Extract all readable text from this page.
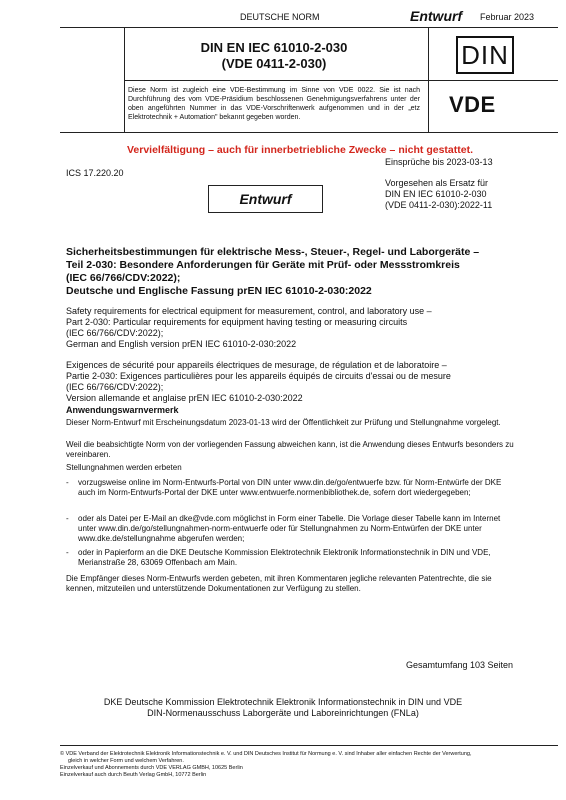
DEUTSCHE NORM	Entwurf Februar 2023
DIN EN IEC 61010-2-030
(VDE 0411-2-030)
Diese Norm ist zugleich eine VDE-Bestimmung im Sinne von VDE 0022. Sie ist nach Durchführung des vom VDE-Präsidium beschlossenen Genehmigungsverfahrens unter der oben angeführten Nummer in das VDE-Vorschriftenwerk aufgenommen und in der „etz Elektrotechnik + Automation" bekannt gegeben worden.
DIN
VDE
Vervielfältigung – auch für innerbetriebliche Zwecke – nicht gestattet.
ICS 17.220.20
Einsprüche bis 2023-03-13
Vorgesehen als Ersatz für
DIN EN IEC 61010-2-030
(VDE 0411-2-030):2022-11
Entwurf
Sicherheitsbestimmungen für elektrische Mess-, Steuer-, Regel- und Laborgeräte –
Teil 2-030: Besondere Anforderungen für Geräte mit Prüf- oder Messstromkreis
(IEC 66/766/CDV:2022);
Deutsche und Englische Fassung prEN IEC 61010-2-030:2022
Safety requirements for electrical equipment for measurement, control, and laboratory use –
Part 2-030: Particular requirements for equipment having testing or measuring circuits
(IEC 66/766/CDV:2022);
German and English version prEN IEC 61010-2-030:2022
Exigences de sécurité pour appareils électriques de mesurage, de régulation et de laboratoire –
Partie 2-030: Exigences particulières pour les appareils équipés de circuits d'essai ou de mesure
(IEC 66/766/CDV:2022);
Version allemande et anglaise prEN IEC 61010-2-030:2022
Anwendungswarnvermerk
Dieser Norm-Entwurf mit Erscheinungsdatum 2023-01-13 wird der Öffentlichkeit zur Prüfung und Stellungnahme vorgelegt.
Weil die beabsichtigte Norm von der vorliegenden Fassung abweichen kann, ist die Anwendung dieses Entwurfs besonders zu vereinbaren.
Stellungnahmen werden erbeten
-	vorzugsweise online im Norm-Entwurfs-Portal von DIN unter www.din.de/go/entwuerfe bzw. für Norm-Entwürfe der DKE auch im Norm-Entwurfs-Portal der DKE unter www.entwuerfe.normenbibliothek.de, sofern dort wiedergegeben;
-	oder als Datei per E-Mail an dke@vde.com möglichst in Form einer Tabelle. Die Vorlage dieser Tabelle kann im Internet unter www.din.de/go/stellungnahmen-norm-entwuerfe oder für Stellungnahmen zu Norm-Entwürfen der DKE unter www.dke.de/stellungnahme abgerufen werden;
-	oder in Papierform an die DKE Deutsche Kommission Elektrotechnik Elektronik Informationstechnik in DIN und VDE, Merianstraße 28, 63069 Offenbach am Main.
Die Empfänger dieses Norm-Entwurfs werden gebeten, mit ihren Kommentaren jegliche relevanten Patentrechte, die sie kennen, mitzuteilen und unterstützende Dokumentationen zur Verfügung zu stellen.
Gesamtumfang 103 Seiten
DKE Deutsche Kommission Elektrotechnik Elektronik Informationstechnik in DIN und VDE
DIN-Normenausschuss Laborgeräte und Laboreinrichtungen (FNLa)
© VDE Verband der Elektrotechnik Elektronik Informationstechnik e. V. und DIN Deutsches Institut für Normung e. V. sind Inhaber aller einfachen Rechte der Verwertung,
gleich in welcher Form und welchem Verfahren.
Einzelverkauf und Abonnements durch VDE VERLAG GMBH, 10625 Berlin
Einzelverkauf auch durch Beuth Verlag GmbH, 10772 Berlin
